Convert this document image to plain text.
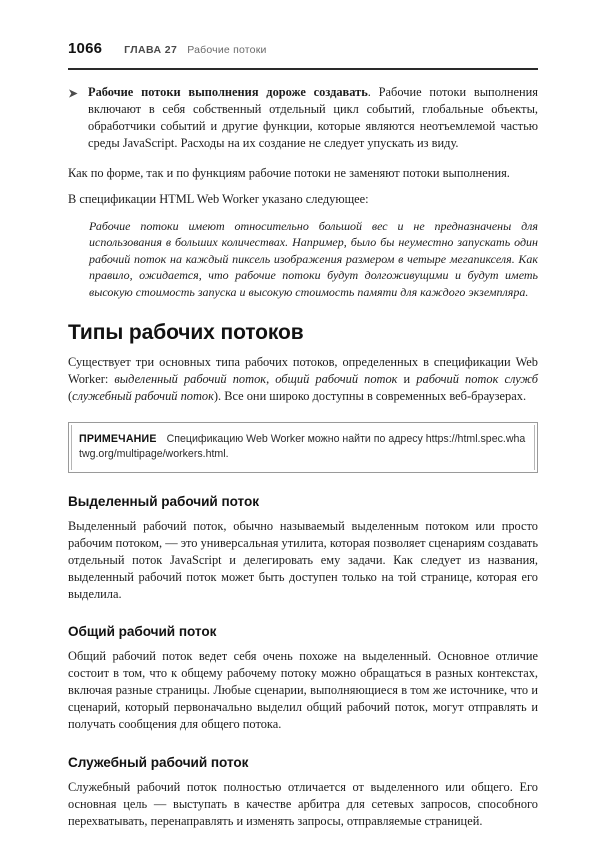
1066 ГЛАВА 27 Рабочие потоки

Рабочие потоки выполнения дороже создавать. Рабочие потоки выполнения включают в себя собственный отдельный цикл событий, глобальные объекты, обработчики событий и другие функции, которые являются неотъемлемой частью среды JavaScript. Расходы на их создание не следует упускать из виду.

Как по форме, так и по функциям рабочие потоки не заменяют потоки выполнения.

В спецификации HTML Web Worker указано следующее:

Рабочие потоки имеют относительно большой вес и не предназначены для использования в больших количествах. Например, было бы неуместно запускать один рабочий поток на каждый пиксель изображения размером в четыре мегапикселя. Как правило, ожидается, что рабочие потоки будут долгоживущими и будут иметь высокую стоимость запуска и высокую стоимость памяти для каждого экземпляра.

Типы рабочих потоков

Существует три основных типа рабочих потоков, определенных в спецификации Web Worker: выделенный рабочий поток, общий рабочий поток и рабочий поток служб (служебный рабочий поток). Все они широко доступны в современных веб-браузерах.

ПРИМЕЧАНИЕ Спецификацию Web Worker можно найти по адресу https://html.spec.whatwg.org/multipage/workers.html.
Выделенный рабочий поток

Выделенный рабочий поток, обычно называемый выделенным потоком или просто рабочим потоком, — это универсальная утилита, которая позволяет сценариям создавать отдельный поток JavaScript и делегировать ему задачи. Как следует из названия, выделенный рабочий поток может быть доступен только на той странице, которая его выделила.

Общий рабочий поток

Общий рабочий поток ведет себя очень похоже на выделенный. Основное отличие состоит в том, что к общему рабочему потоку можно обращаться в разных контекстах, включая разные страницы. Любые сценарии, выполняющиеся в том же источнике, что и сценарий, который первоначально выделил общий рабочий поток, могут отправлять и получать сообщения для общего потока.

Служебный рабочий поток

Служебный рабочий поток полностью отличается от выделенного или общего. Его основная цель — выступать в качестве арбитра для сетевых запросов, способного перехватывать, перенаправлять и изменять запросы, отправляемые страницей.
